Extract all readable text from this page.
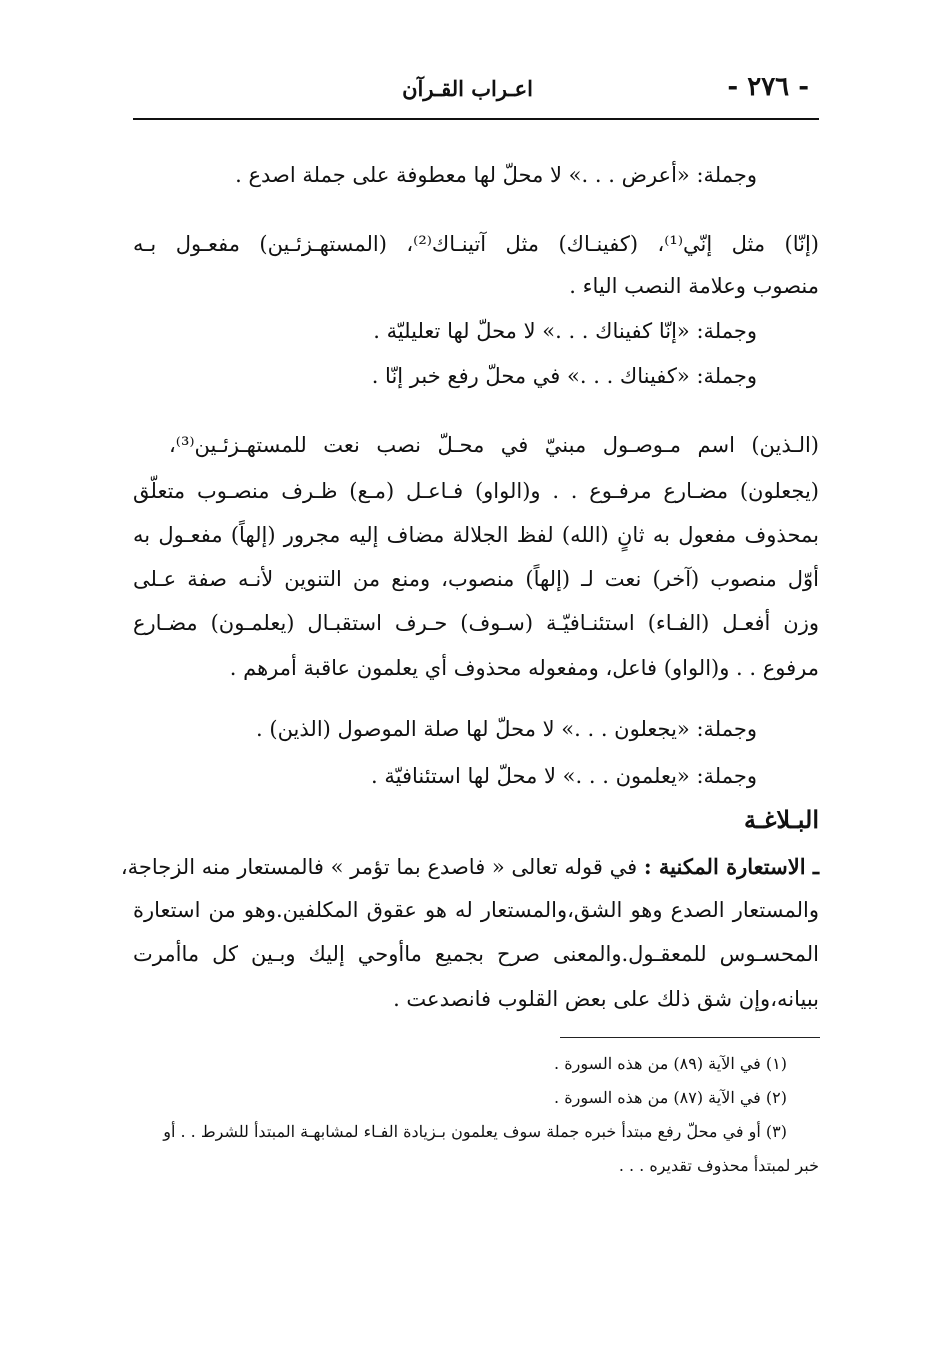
- ٢٧٦ -
اعـراب القـرآن
وجملة: «أعرض . . .» لا محلّ لها معطوفة على جملة اصدع .
(إنّا) مثل إنّي⁽¹⁾، (كفينـاك) مثل آتينـاك⁽²⁾، (المستهـزئـين) مفعـول بـه
منصوب وعلامة النصب الياء .
وجملة: «إنّا كفيناك . . .» لا محلّ لها تعليليّة .
وجملة: «كفيناك . . .» في محلّ رفع خبر إنّا .
(الـذين) اسم مـوصـول مبنيّ في محـلّ نصب نعت للمستهـزئـين⁽³⁾،
(يجعلون) مضـارع مرفـوع . . و(الواو) فـاعـل (مـع) ظـرف منصـوب متعلّق
بمحذوف مفعول به ثانٍ (الله) لفظ الجلالة مضاف إليه مجرور (إلهاً) مفعـول به
أوّل منصوب (آخر) نعت لـ (إلهاً) منصوب، ومنع من التنوين لأنـه صفة عـلى
وزن أفعـل (الفـاء) استئنـافيّـة (سـوف) حـرف استقبـال (يعلمـون) مضـارع
مرفوع . . و(الواو) فاعل، ومفعوله محذوف أي يعلمون عاقبة أمرهم .
وجملة: «يجعلون . . .» لا محلّ لها صلة الموصول (الذين) .
وجملة: «يعلمون . . .» لا محلّ لها استئنافيّة .
البـلاغـة
ـ الاستعارة المكنية : في قوله تعالى « فاصدع بما تؤمر » فالمستعار منه الزجاجة،
والمستعار الصدع وهو الشق،والمستعار له هو عقوق المكلفين.وهو من استعارة
المحسـوس للمعقـول.والمعنى صرح بجميع ماأوحي إليك وبـين كل ماأمرت
ببيانه،وإن شق ذلك على بعض القلوب فانصدعت .
(١) في الآية (٨٩) من هذه السورة .
(٢) في الآية (٨٧) من هذه السورة .
(٣) أو في محلّ رفع مبتدأ خبره جملة سوف يعلمون بـزيادة الفـاء لمشابهـة المبتدأ للشرط . . أو
خبر لمبتدأ محذوف تقديره . . .
